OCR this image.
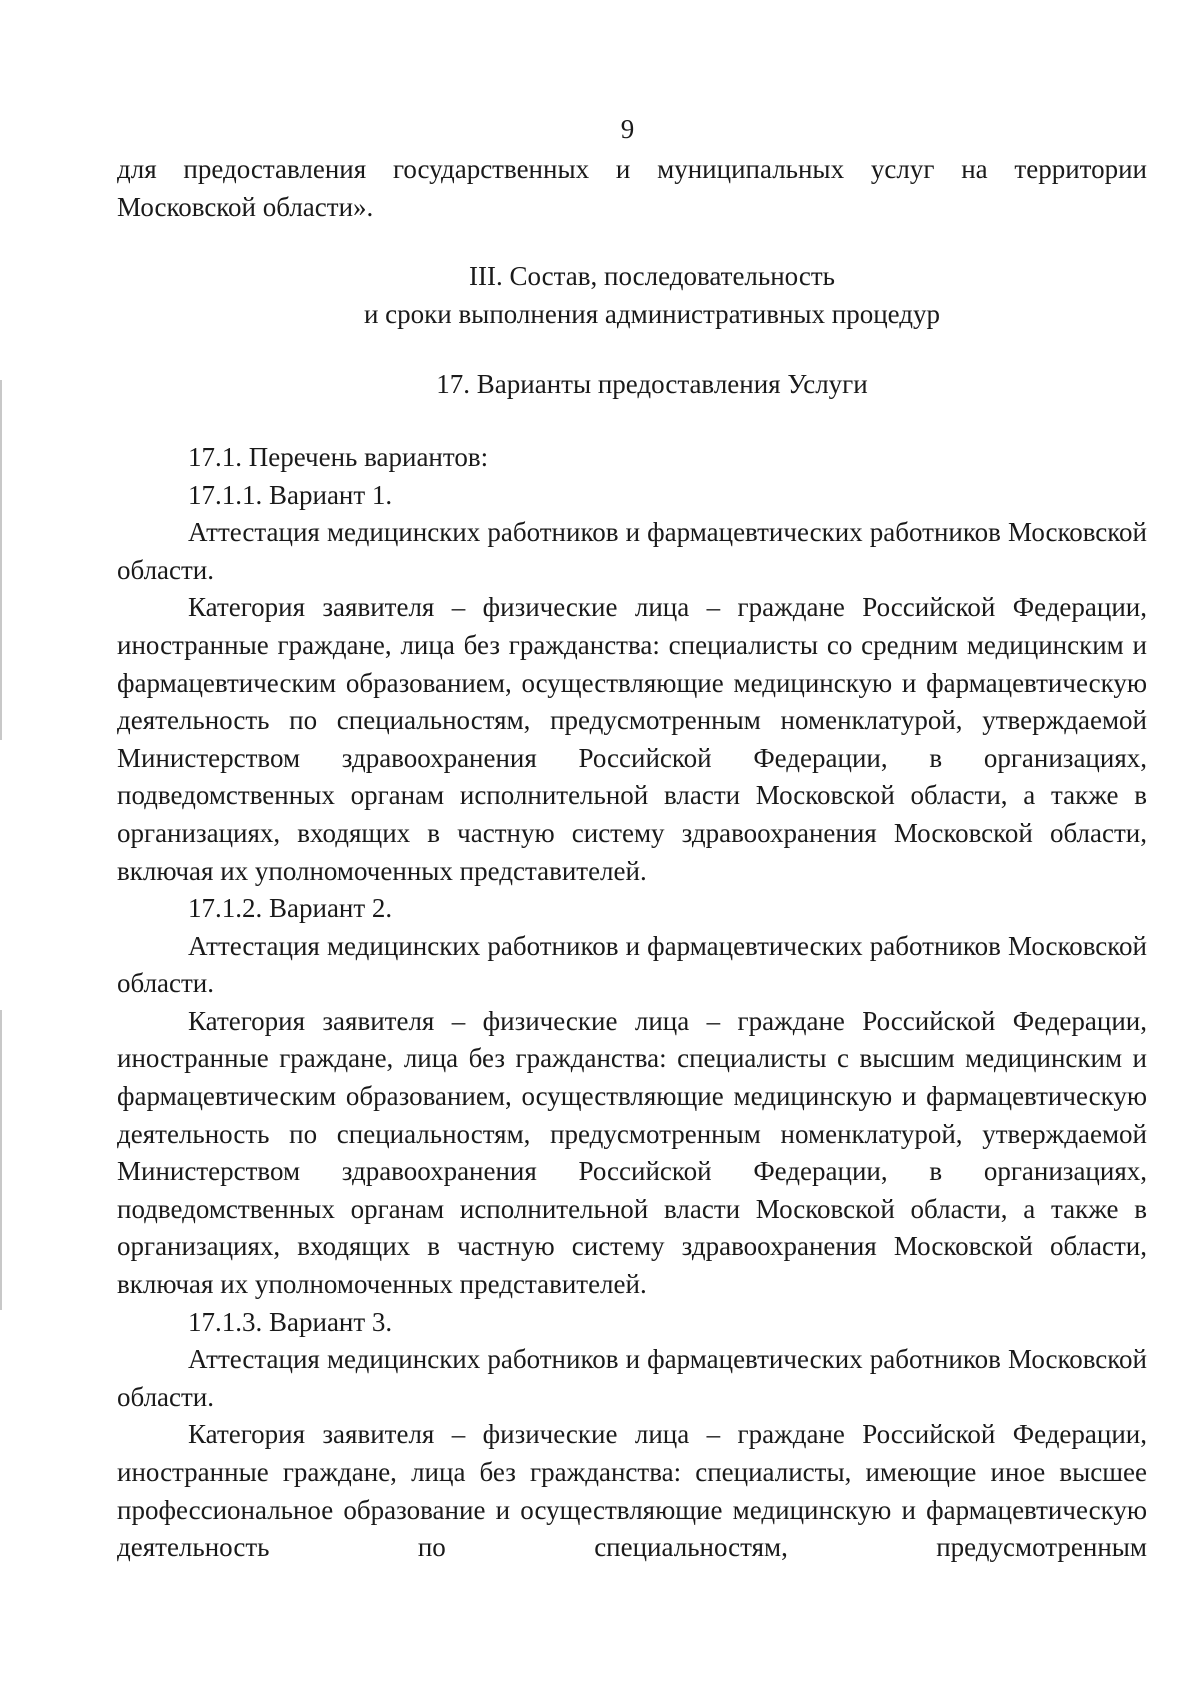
9

для предоставления государственных и муниципальных услуг на территории

Московской области».

III. Состав, последовательность

и сроки выполнения административных процедур

17. Варианты предоставления Услуги

17.1. Перечень вариантов:

17.1.1. Вариант 1.

Аттестация медицинских работников и фармацевтических работников Московской области.

Категория заявителя – физические лица – граждане Российской Федерации, иностранные граждане, лица без гражданства: специалисты со средним медицинским и фармацевтическим образованием, осуществляющие медицинскую и фармацевтическую деятельность по специальностям, предусмотренным номенклатурой, утверждаемой Министерством здравоохранения Российской Федерации, в организациях, подведомственных органам исполнительной власти Московской области, а также в организациях, входящих в частную систему здравоохранения Московской области, включая их уполномоченных представителей.

17.1.2. Вариант 2.

Аттестация медицинских работников и фармацевтических работников Московской области.

Категория заявителя – физические лица – граждане Российской Федерации, иностранные граждане, лица без гражданства: специалисты с высшим медицинским и фармацевтическим образованием, осуществляющие медицинскую и фармацевтическую деятельность по специальностям, предусмотренным номенклатурой, утверждаемой Министерством здравоохранения Российской Федерации, в организациях, подведомственных органам исполнительной власти Московской области, а также в организациях, входящих в частную систему здравоохранения Московской области, включая их уполномоченных представителей.

17.1.3. Вариант 3.

Аттестация медицинских работников и фармацевтических работников Московской области.

Категория заявителя – физические лица – граждане Российской Федерации, иностранные граждане, лица без гражданства: специалисты, имеющие иное высшее профессиональное образование и осуществляющие медицинскую и фармацевтическую деятельность по специальностям, предусмотренным
